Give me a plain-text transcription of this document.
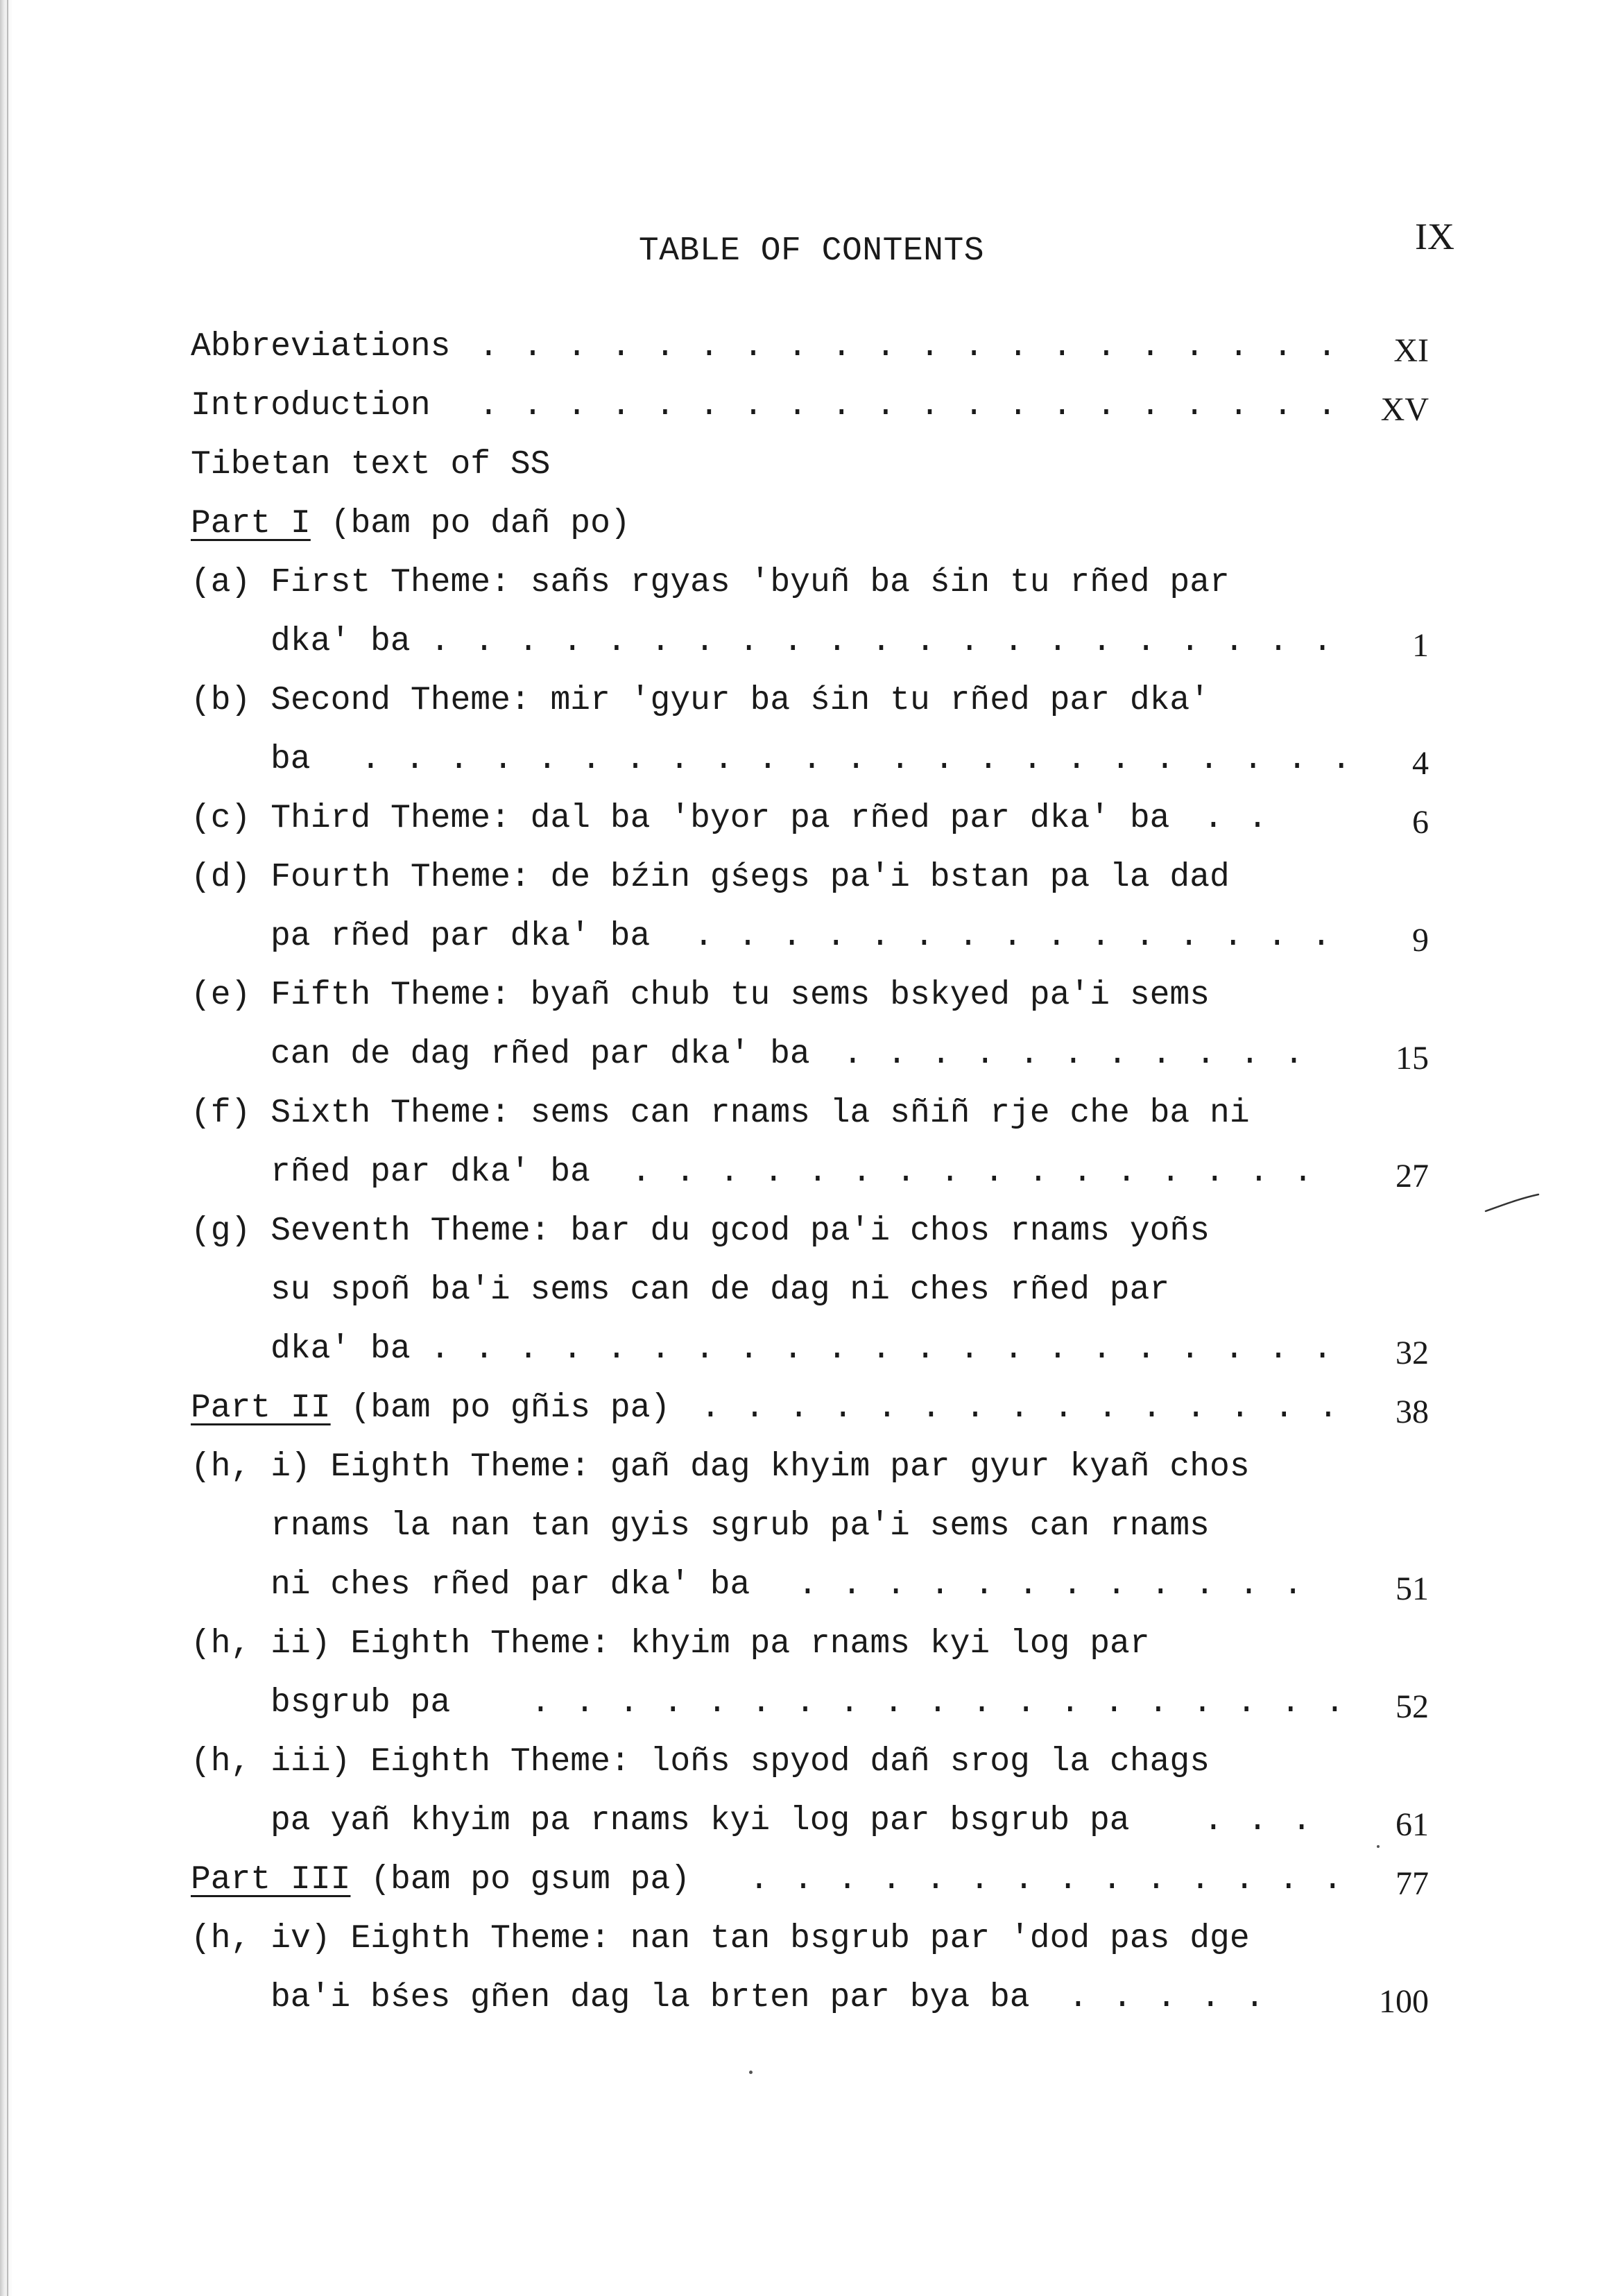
TABLE OF CONTENTS	IX
Abbreviations . . . . . . . . . . . . . . . . . . . . XI
Introduction . . . . . . . . . . . . . . . . . . . . XV
Tibetan text of SS
Part I (bam po dañ po)
(a) First Theme: sañs rgyas 'byuñ ba śin tu rñed par
dka' ba . . . . . . . . . . . . . . . . . . . . . 1
(b) Second Theme: mir 'gyur ba śin tu rñed par dka'
ba . . . . . . . . . . . . . . . . . . . . . . . 4
(c) Third Theme: dal ba 'byor pa rñed par dka' ba . .	6
(d) Fourth Theme: de bźin gśegs pa'i bstan pa la dad
pa rñed par dka' ba . . . . . . . . . . . . . . . 9
(e) Fifth Theme: byañ chub tu sems bskyed pa'i sems
can de dag rñed par dka' ba . . . . . . . . . . .	15
(f) Sixth Theme: sems can rnams la sñiñ rje che ba ni
rñed par dka' ba . . . . . . . . . . . . . . . . 27
(g) Seventh Theme: bar du gcod pa'i chos rnams yoñs
su spoñ ba'i sems can de dag ni ches rñed par
dka' ba . . . . . . . . . . . . . . . . . . . . . 32
Part II (bam po gñis pa) . . . . . . . . . . . . . . . 38
(h, i) Eighth Theme: gañ dag khyim par gyur kyañ chos
rnams la nan tan gyis sgrub pa'i sems can rnams
ni ches rñed par dka' ba . . . . . . . . . . . .	51
(h, ii) Eighth Theme: khyim pa rnams kyi log par
bsgrub pa . . . . . . . . . . . . . . . . . . . 52
(h, iii) Eighth Theme: loñs spyod dañ srog la chags
pa yañ khyim pa rnams kyi log par bsgrub pa . . . 61
Part III (bam po gsum pa) . . . . . . . . . . . . . . 77
(h, iv) Eighth Theme: nan tan bsgrub par 'dod pas dge
ba'i bśes gñen dag la brten par bya ba . . . . .	100
